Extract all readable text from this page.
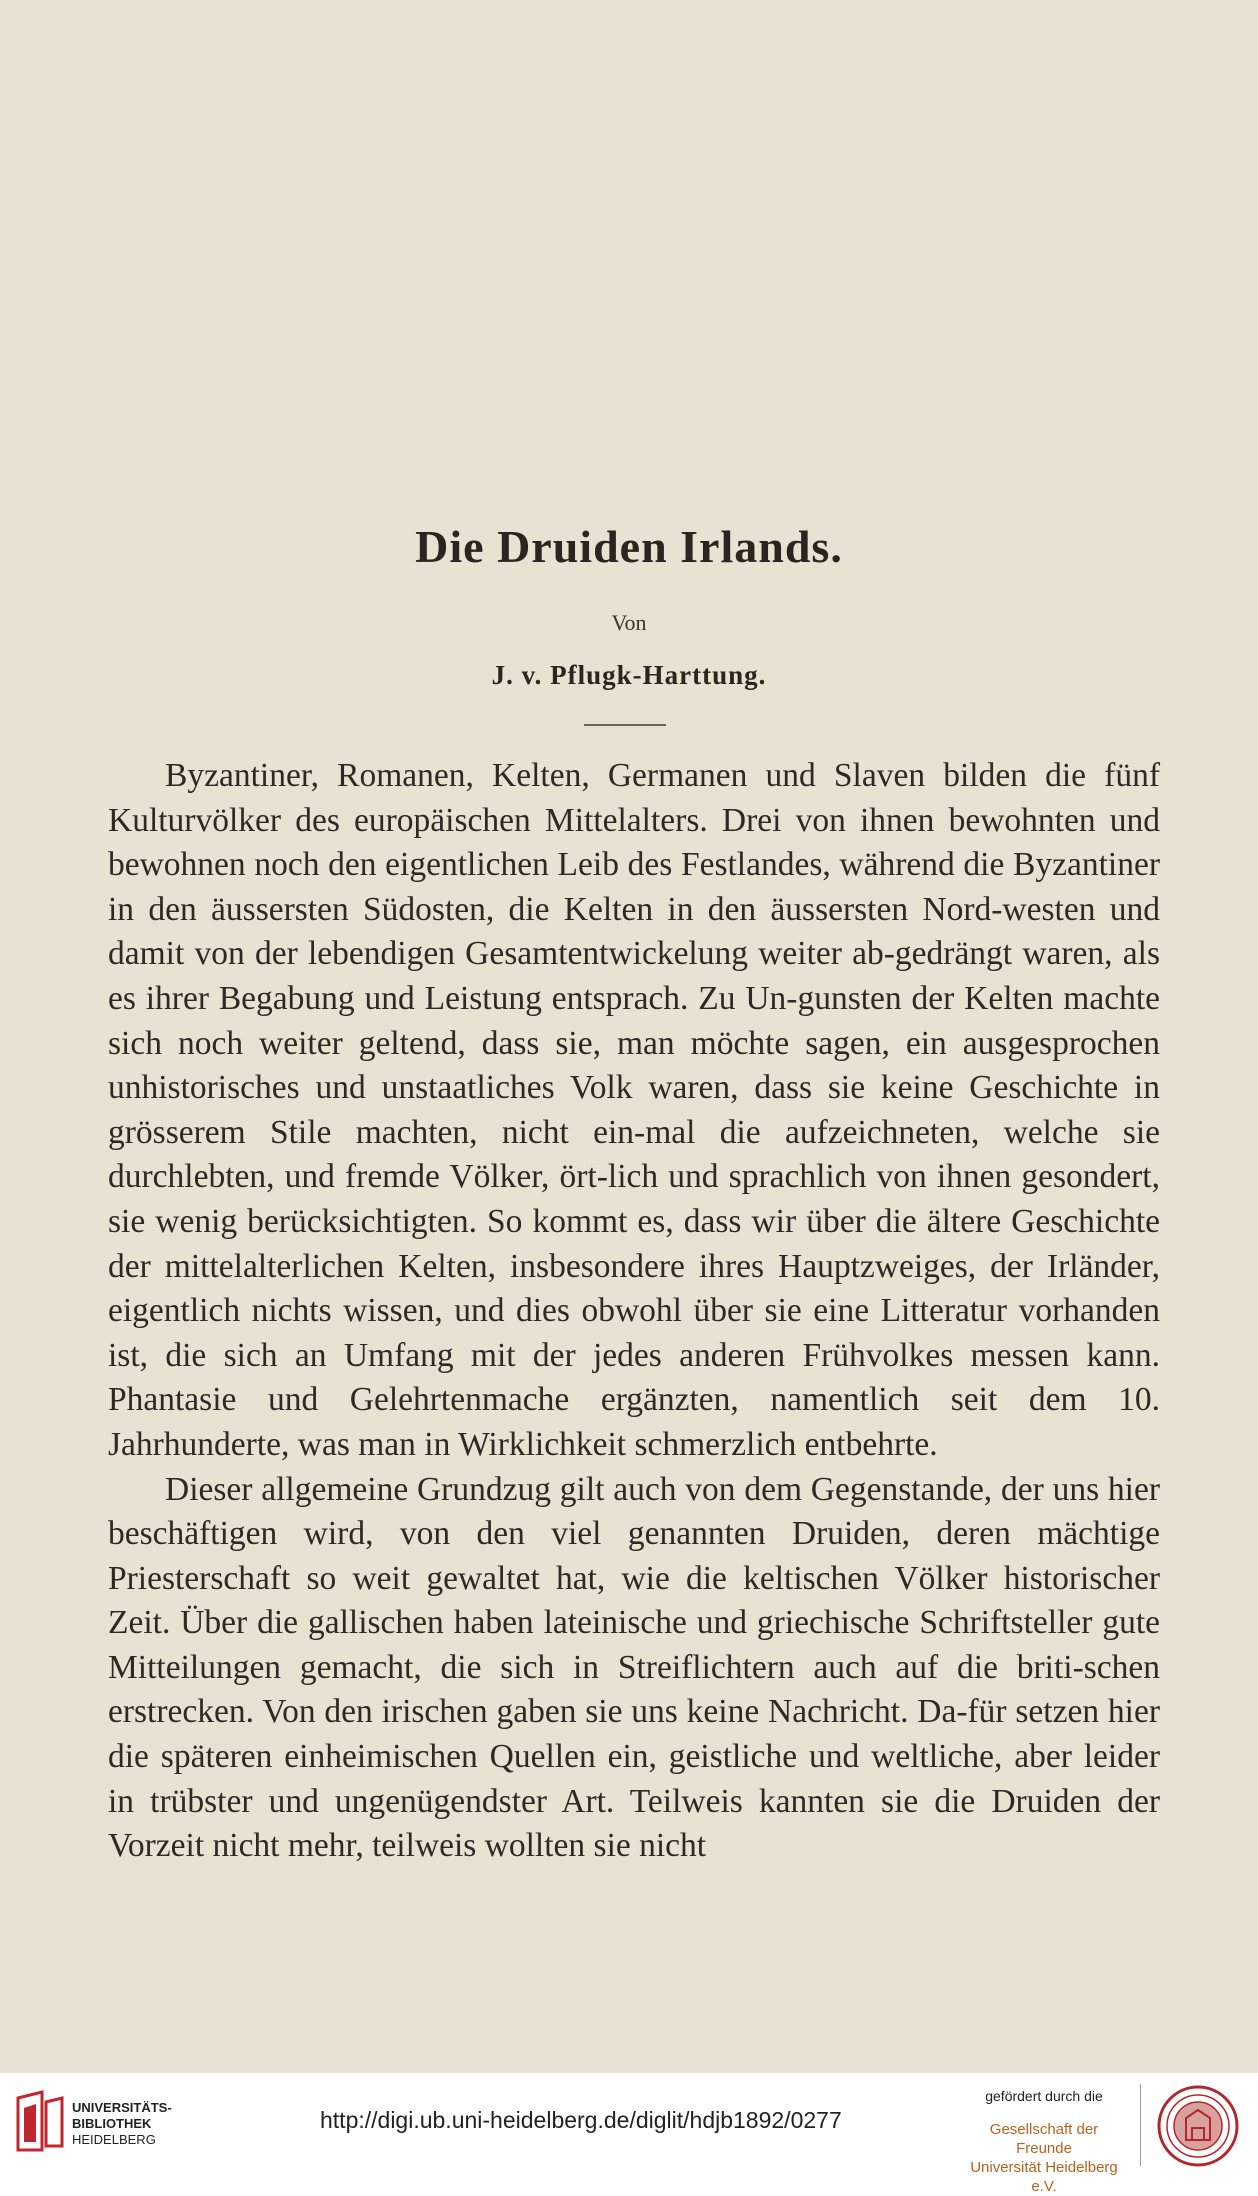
Die Druiden Irlands.
Von
J. v. Pflugk-Harttung.

Byzantiner, Romanen, Kelten, Germanen und Slaven bilden die fünf Kulturvölker des europäischen Mittelalters. Drei von ihnen bewohnten und bewohnen noch den eigentlichen Leib des Festlandes, während die Byzantiner in den äussersten Südosten, die Kelten in den äussersten Nord-westen und damit von der lebendigen Gesamtentwickelung weiter ab-gedrängt waren, als es ihrer Begabung und Leistung entsprach. Zu Un-gunsten der Kelten machte sich noch weiter geltend, dass sie, man möchte sagen, ein ausgesprochen unhistorisches und unstaatliches Volk waren, dass sie keine Geschichte in grösserem Stile machten, nicht ein-mal die aufzeichneten, welche sie durchlebten, und fremde Völker, ört-lich und sprachlich von ihnen gesondert, sie wenig berücksichtigten. So kommt es, dass wir über die ältere Geschichte der mittelalterlichen Kelten, insbesondere ihres Hauptzweiges, der Irländer, eigentlich nichts wissen, und dies obwohl über sie eine Litteratur vorhanden ist, die sich an Umfang mit der jedes anderen Frühvolkes messen kann. Phantasie und Gelehrtenmache ergänzten, namentlich seit dem 10. Jahrhunderte, was man in Wirklichkeit schmerzlich entbehrte.

Dieser allgemeine Grundzug gilt auch von dem Gegenstande, der uns hier beschäftigen wird, von den viel genannten Druiden, deren mächtige Priesterschaft so weit gewaltet hat, wie die keltischen Völker historischer Zeit. Über die gallischen haben lateinische und griechische Schriftsteller gute Mitteilungen gemacht, die sich in Streiflichtern auch auf die briti-schen erstrecken. Von den irischen gaben sie uns keine Nachricht. Da-für setzen hier die späteren einheimischen Quellen ein, geistliche und weltliche, aber leider in trübster und ungenügendster Art. Teilweis kannten sie die Druiden der Vorzeit nicht mehr, teilweis wollten sie nicht

UNIVERSITÄTS-
BIBLIOTHEK
HEIDELBERG
http://digi.ub.uni-heidelberg.de/diglit/hdjb1892/0277
gefördert durch die
Gesellschaft der Freunde
Universität Heidelberg e.V.
